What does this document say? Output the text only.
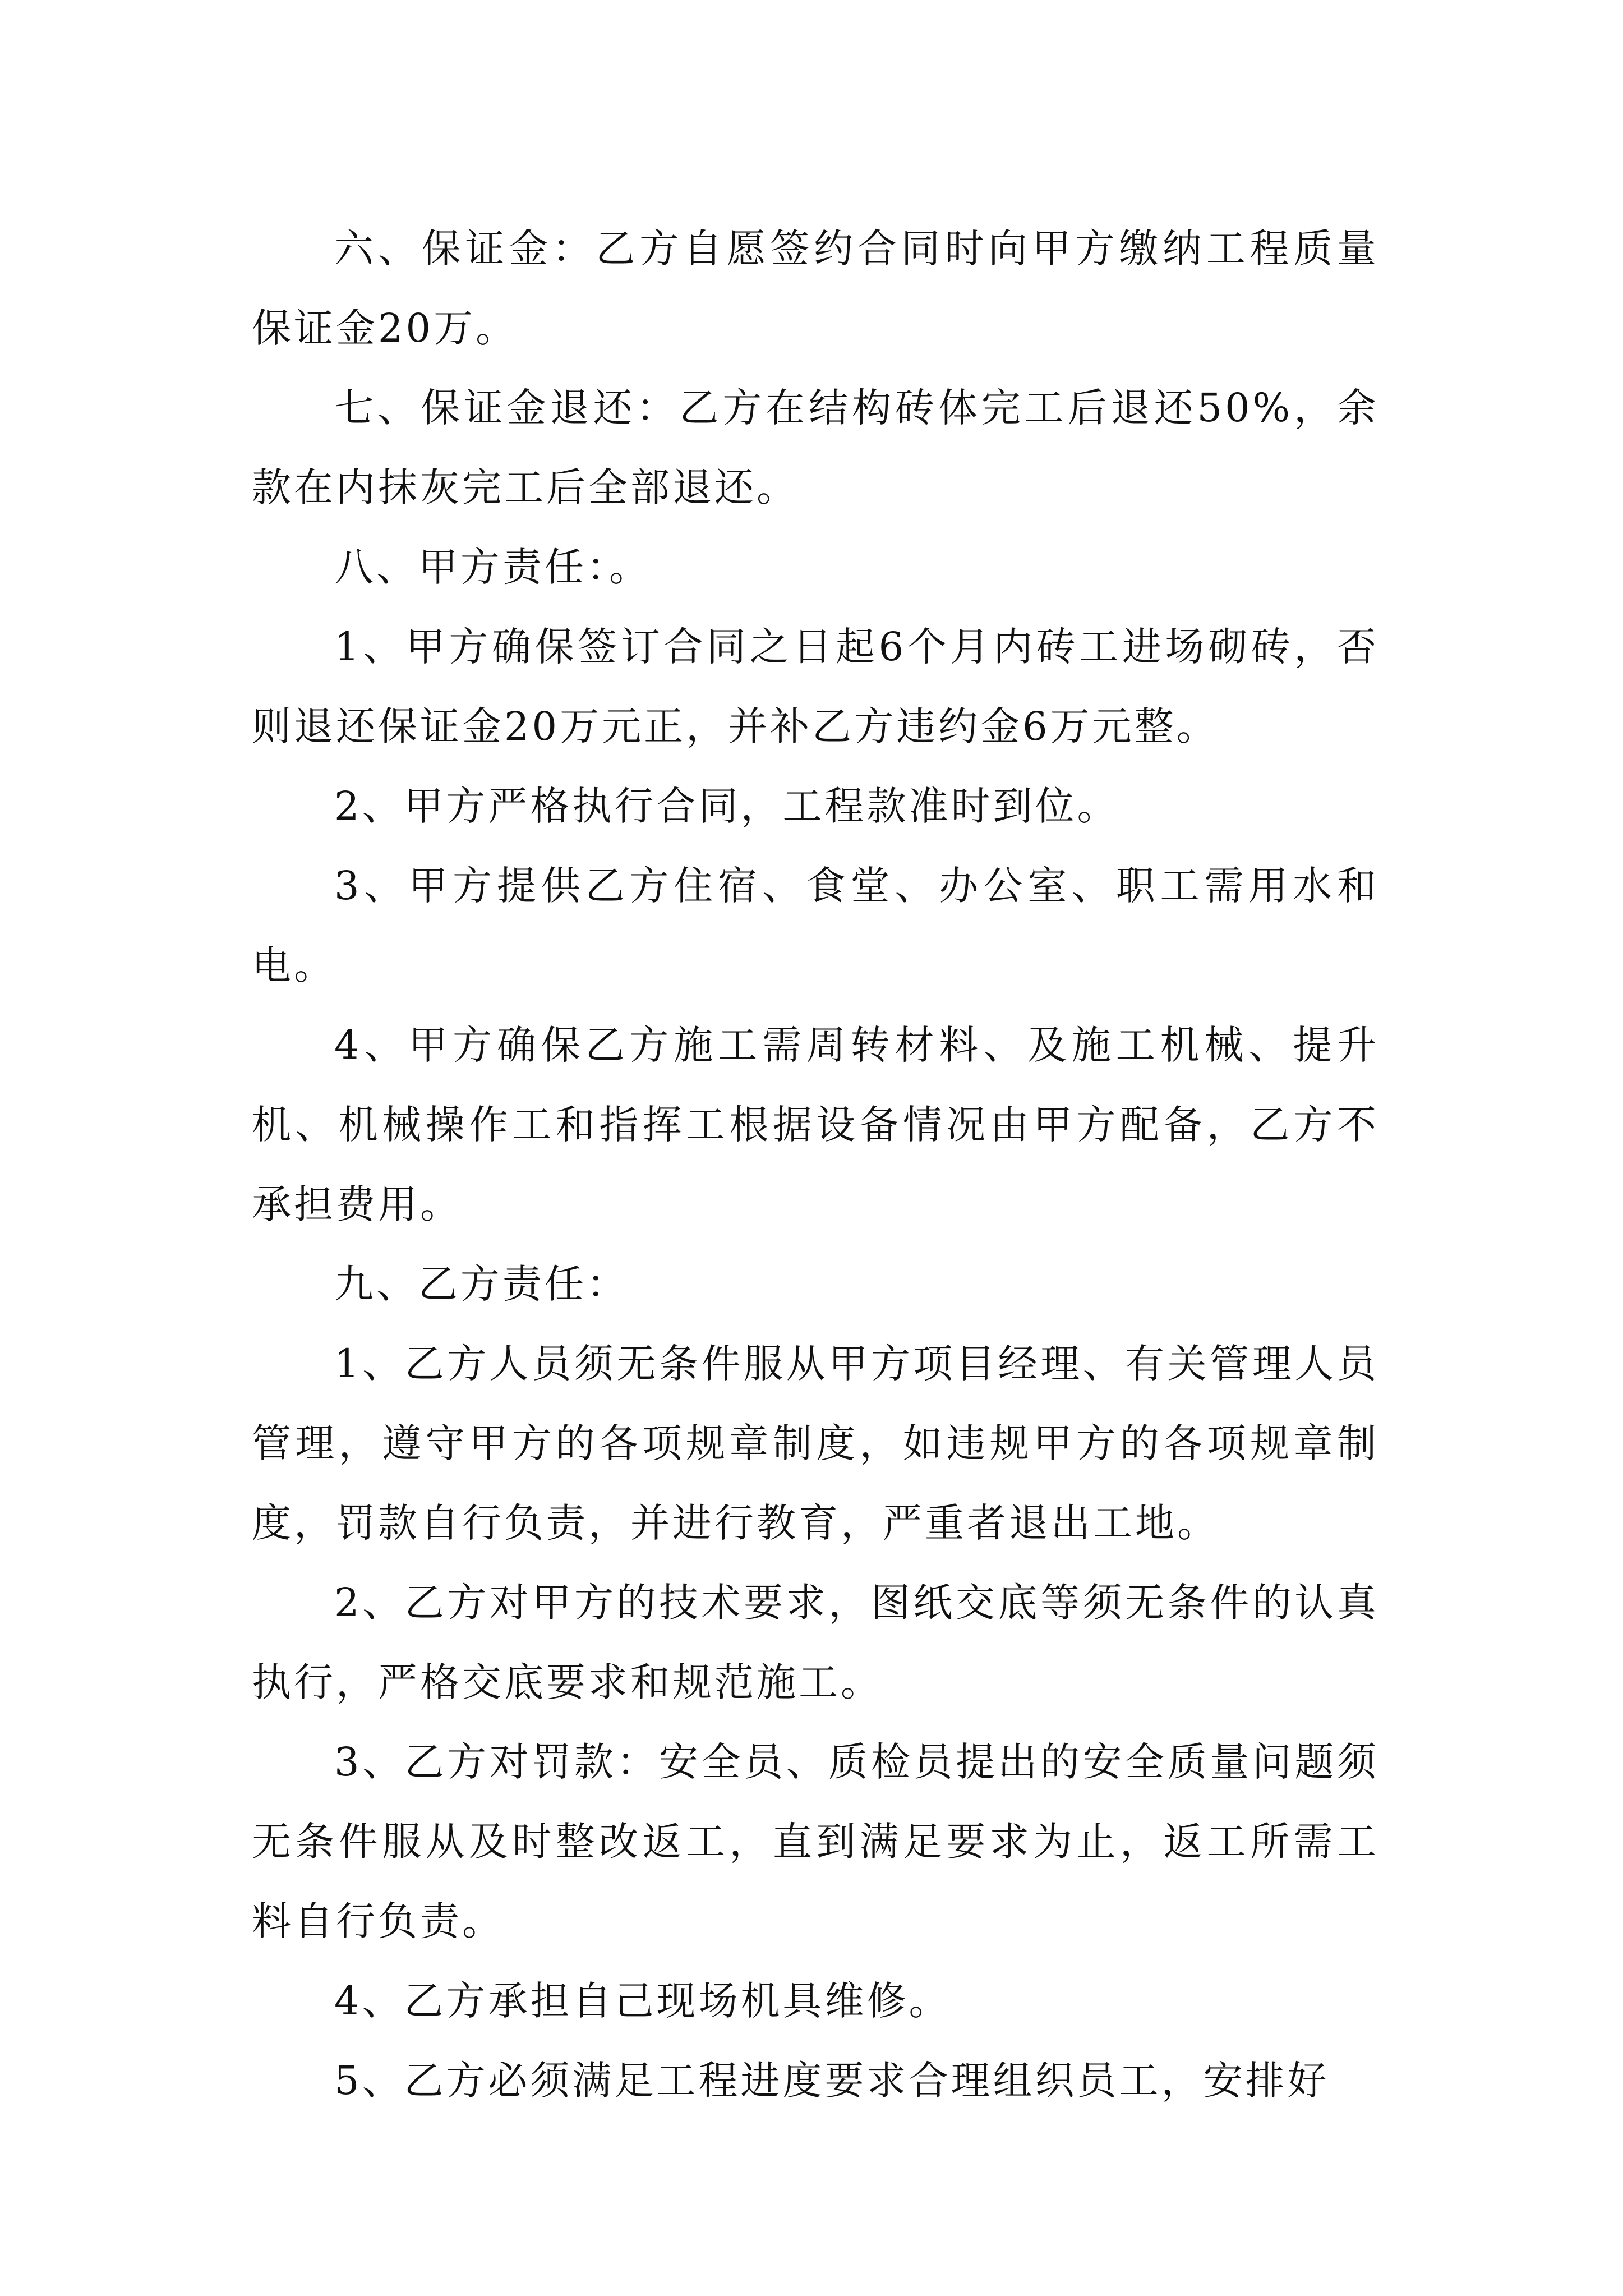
六、保证金：乙方自愿签约合同时向甲方缴纳工程质量保证金20万。

七、保证金退还：乙方在结构砖体完工后退还50%，余款在内抹灰完工后全部退还。

八、甲方责任：。

1、甲方确保签订合同之日起6个月内砖工进场砌砖，否则退还保证金20万元正，并补乙方违约金6万元整。

2、甲方严格执行合同，工程款准时到位。

3、甲方提供乙方住宿、食堂、办公室、职工需用水和电。

4、甲方确保乙方施工需周转材料、及施工机械、提升机、机械操作工和指挥工根据设备情况由甲方配备，乙方不承担费用。

九、乙方责任：

1、乙方人员须无条件服从甲方项目经理、有关管理人员管理，遵守甲方的各项规章制度，如违规甲方的各项规章制度，罚款自行负责，并进行教育，严重者退出工地。

2、乙方对甲方的技术要求，图纸交底等须无条件的认真执行，严格交底要求和规范施工。

3、乙方对罚款：安全员、质检员提出的安全质量问题须无条件服从及时整改返工，直到满足要求为止，返工所需工料自行负责。

4、乙方承担自己现场机具维修。

5、乙方必须满足工程进度要求合理组织员工，安排好
